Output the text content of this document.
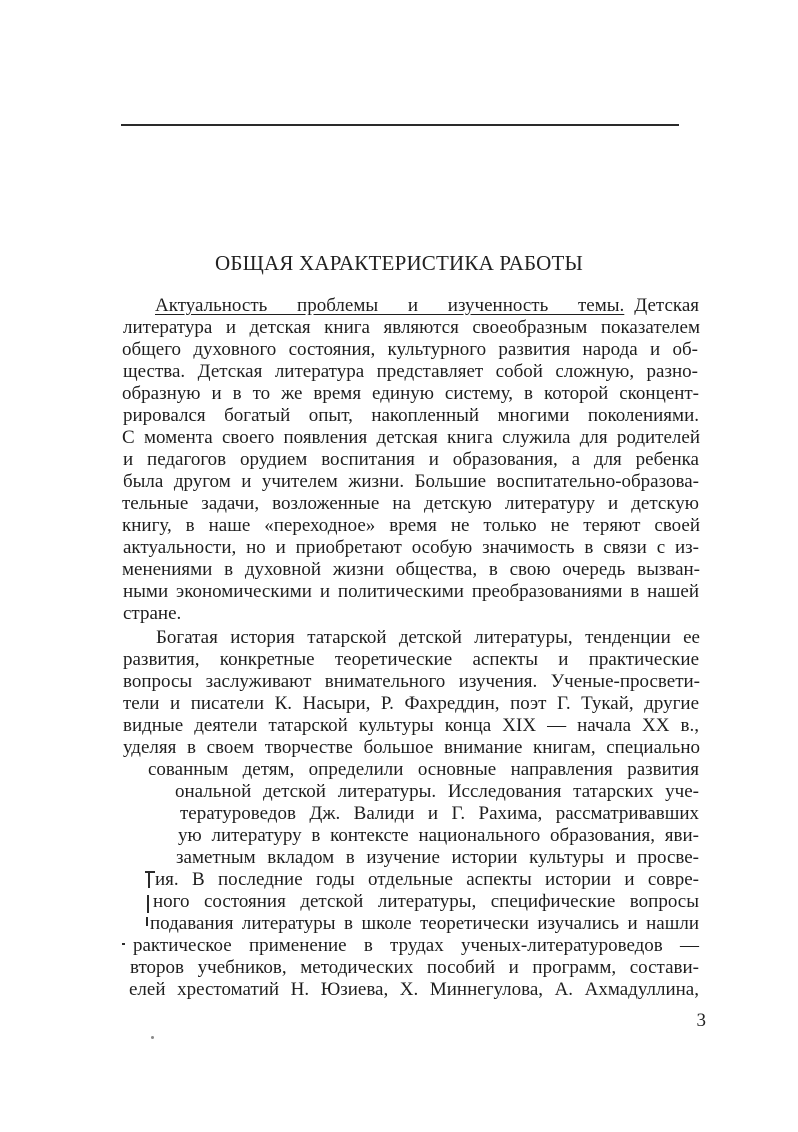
ОБЩАЯ ХАРАКТЕРИСТИКА РАБОТЫ
Актуальность проблемы и изученность темы. Детская
литература и детская книга являются своеобразным показателем
общего духовного состояния, культурного развития народа и об-
щества. Детская литература представляет собой сложную, разно-
образную и в то же время единую систему, в которой сконцент-
рировался богатый опыт, накопленный многими поколениями.
С момента своего появления детская книга служила для родителей
и педагогов орудием воспитания и образования, а для ребенка
была другом и учителем жизни. Большие воспитательно-образова-
тельные задачи, возложенные на детскую литературу и детскую
книгу, в наше «переходное» время не только не теряют своей
актуальности, но и приобретают особую значимость в связи с из-
менениями в духовной жизни общества, в свою очередь вызван-
ными экономическими и политическими преобразованиями в нашей
стране.
Богатая история татарской детской литературы, тенденции ее
развития, конкретные теоретические аспекты и практические
вопросы заслуживают внимательного изучения. Ученые-просвети-
тели и писатели К. Насыри, Р. Фахреддин, поэт Г. Тукай, другие
видные деятели татарской культуры конца XIX — начала XX в.,
уделяя в своем творчестве большое внимание книгам, специально
сованным детям, определили основные направления развития
ональной детской литературы. Исследования татарских уче-
тературоведов Дж. Валиди и Г. Рахима, рассматривавших
ую литературу в контексте национального образования, яви-
заметным вкладом в изучение истории культуры и просве-
ия. В последние годы отдельные аспекты истории и совре-
ного состояния детской литературы, специфические вопросы
подавания литературы в школе теоретически изучались и нашли
рактическое применение в трудах ученых-литературоведов —
второв учебников, методических пособий и программ, состави-
елей хрестоматий Н. Юзиева, Х. Миннегулова, А. Ахмадуллина,
3
